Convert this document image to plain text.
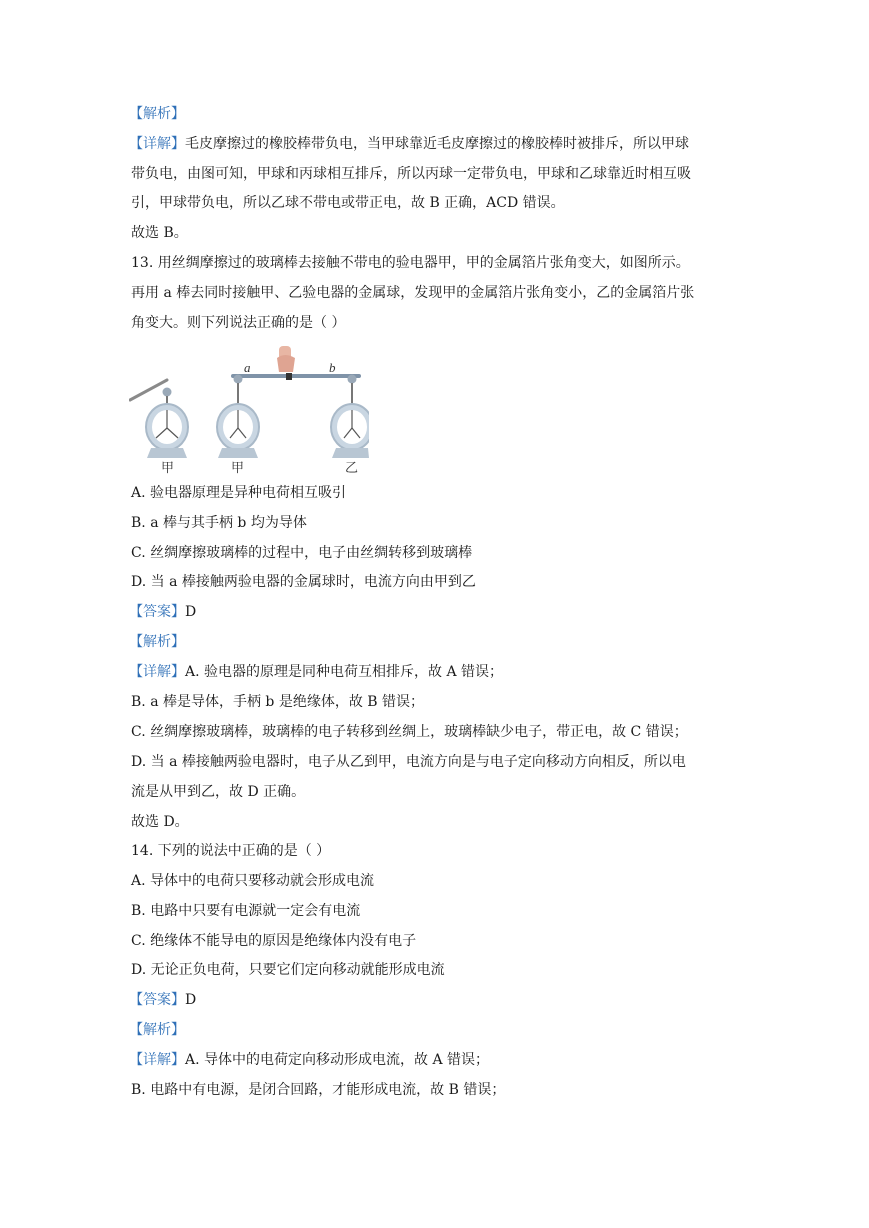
【解析】
【详解】毛皮摩擦过的橡胶棒带负电，当甲球靠近毛皮摩擦过的橡胶棒时被排斥，所以甲球
带负电，由图可知，甲球和丙球相互排斥，所以丙球一定带负电，甲球和乙球靠近时相互吸
引，甲球带负电，所以乙球不带电或带正电，故 B 正确，ACD 错误。
故选 B。
13. 用丝绸摩擦过的玻璃棒去接触不带电的验电器甲，甲的金属箔片张角变大，如图所示。
再用 a 棒去同时接触甲、乙验电器的金属球，发现甲的金属箔片张角变小，乙的金属箔片张
角变大。则下列说法正确的是（ ）
a	b
甲	甲	乙
A. 验电器原理是异种电荷相互吸引
B. a 棒与其手柄 b 均为导体
C. 丝绸摩擦玻璃棒的过程中，电子由丝绸转移到玻璃棒
D. 当 a 棒接触两验电器的金属球时，电流方向由甲到乙
【答案】D
【解析】
【详解】A. 验电器的原理是同种电荷互相排斥，故 A 错误；
B. a 棒是导体，手柄 b 是绝缘体，故 B 错误；
C. 丝绸摩擦玻璃棒，玻璃棒的电子转移到丝绸上，玻璃棒缺少电子，带正电，故 C 错误；
D. 当 a 棒接触两验电器时，电子从乙到甲，电流方向是与电子定向移动方向相反，所以电
流是从甲到乙，故 D 正确。
故选 D。
14. 下列的说法中正确的是（ ）
A. 导体中的电荷只要移动就会形成电流
B. 电路中只要有电源就一定会有电流
C. 绝缘体不能导电的原因是绝缘体内没有电子
D. 无论正负电荷，只要它们定向移动就能形成电流
【答案】D
【解析】
【详解】A. 导体中的电荷定向移动形成电流，故 A 错误；
B. 电路中有电源，是闭合回路，才能形成电流，故 B 错误；
